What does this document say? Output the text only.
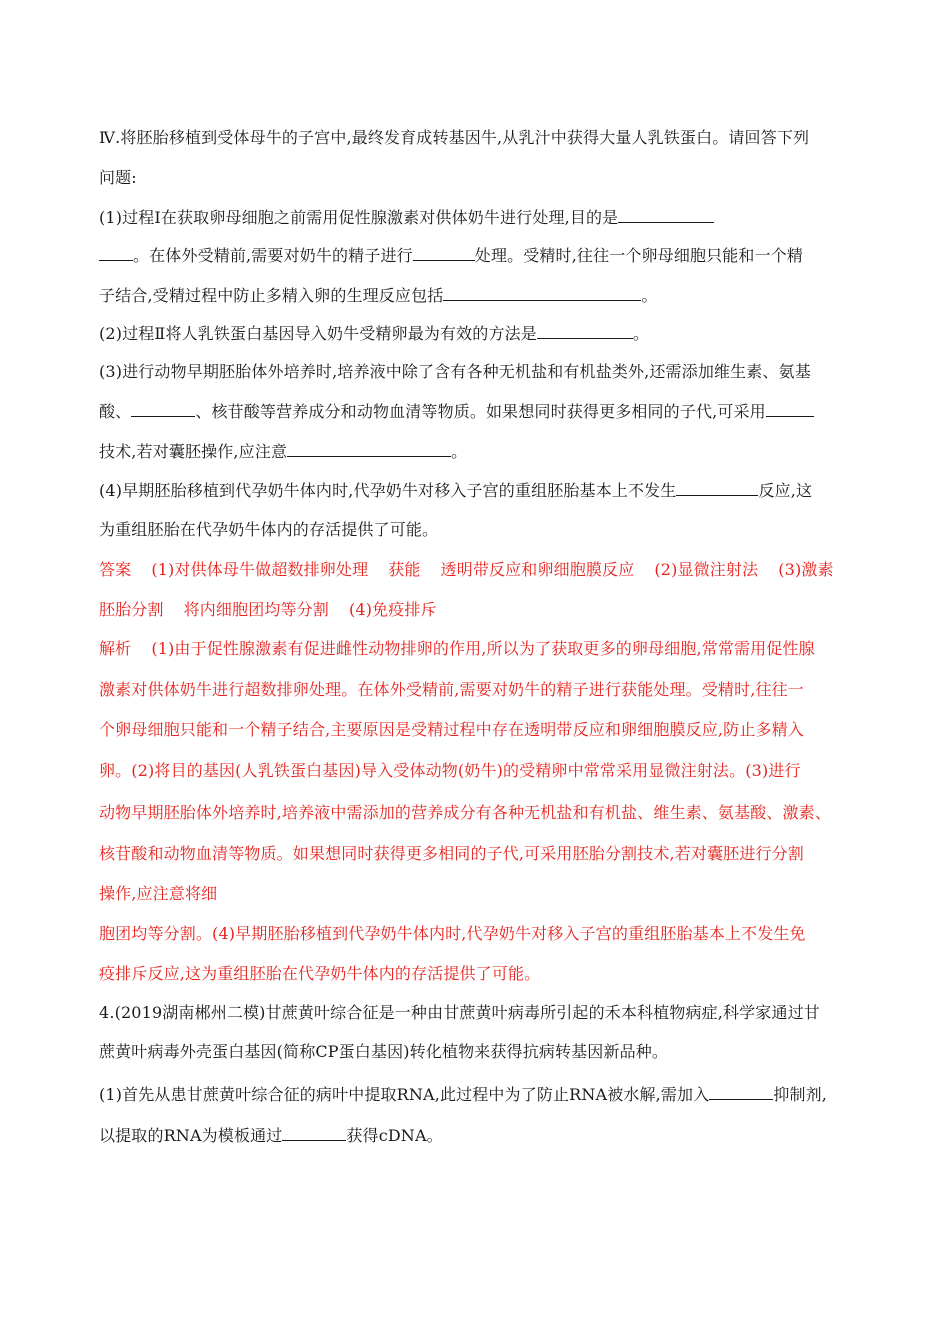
Ⅳ.将胚胎移植到受体母牛的子宫中,最终发育成转基因牛,从乳汁中获得大量人乳铁蛋白。请回答下列
问题:
(1)过程Ⅰ在获取卵母细胞之前需用促性腺激素对供体奶牛进行处理,目的是
。在体外受精前,需要对奶牛的精子进行	处理。受精时,往往一个卵母细胞只能和一个精
子结合,受精过程中防止多精入卵的生理反应包括	。
(2)过程Ⅱ将人乳铁蛋白基因导入奶牛受精卵最为有效的方法是	。
(3)进行动物早期胚胎体外培养时,培养液中除了含有各种无机盐和有机盐类外,还需添加维生素、氨基
酸、	、核苷酸等营养成分和动物血清等物质。如果想同时获得更多相同的子代,可采用
技术,若对囊胚操作,应注意	。
(4)早期胚胎移植到代孕奶牛体内时,代孕奶牛对移入子宫的重组胚胎基本上不发生	反应,这
为重组胚胎在代孕奶牛体内的存活提供了可能。
答案 (1)对供体母牛做超数排卵处理 获能 透明带反应和卵细胞膜反应 (2)显微注射法 (3)激素
胚胎分割 将内细胞团均等分割 (4)免疫排斥
解析 (1)由于促性腺激素有促进雌性动物排卵的作用,所以为了获取更多的卵母细胞,常常需用促性腺
激素对供体奶牛进行超数排卵处理。在体外受精前,需要对奶牛的精子进行获能处理。受精时,往往一
个卵母细胞只能和一个精子结合,主要原因是受精过程中存在透明带反应和卵细胞膜反应,防止多精入
卵。(2)将目的基因(人乳铁蛋白基因)导入受体动物(奶牛)的受精卵中常常采用显微注射法。(3)进行
动物早期胚胎体外培养时,培养液中需添加的营养成分有各种无机盐和有机盐、维生素、氨基酸、激素、
核苷酸和动物血清等物质。如果想同时获得更多相同的子代,可采用胚胎分割技术,若对囊胚进行分割
操作,应注意将细
胞团均等分割。(4)早期胚胎移植到代孕奶牛体内时,代孕奶牛对移入子宫的重组胚胎基本上不发生免
疫排斥反应,这为重组胚胎在代孕奶牛体内的存活提供了可能。
4.(2019湖南郴州二模)甘蔗黄叶综合征是一种由甘蔗黄叶病毒所引起的禾本科植物病症,科学家通过甘
蔗黄叶病毒外壳蛋白基因(简称CP蛋白基因)转化植物来获得抗病转基因新品种。
(1)首先从患甘蔗黄叶综合征的病叶中提取RNA,此过程中为了防止RNA被水解,需加入	抑制剂,
以提取的RNA为模板通过	获得cDNA。
